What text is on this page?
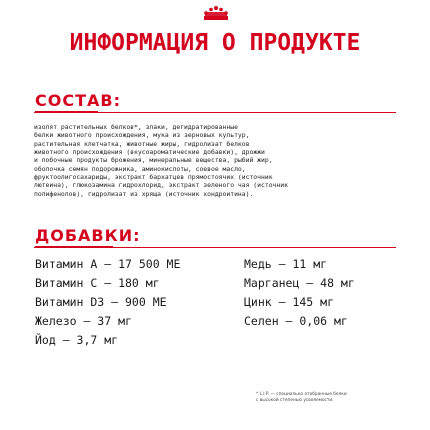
ИНФОРМАЦИЯ О ПРОДУКТЕ
СОСТАВ:
изолят растительных белков*, злаки, дегидратированные
белки животного происхождения, мука из зерновых культур,
растительная клетчатка, животные жиры, гидролизат белков
животного происхождения (вкусоароматические добавки), дрожжи
и побочные продукты брожения, минеральные вещества, рыбий жир,
оболочка семян подорожника, аминокислоты, соевое масло,
фруктоолигосахариды, экстракт бархатцев прямостоячих (источник
лютеина), глюкозамина гидрохлорид, экстракт зеленого чая (источник
полифенолов), гидролизат из хряща (источник хондроитина).
ДОБАВКИ:
Витамин А — 17 500 МЕ
Витамин С — 180 мг
Витамин D3 — 900 МЕ
Железо — 37 мг
Йод — 3,7 мг
Медь — 11 мг
Марганец — 48 мг
Цинк — 145 мг
Селен — 0,06 мг
* L.I.P. — специально отобранные белки
с высокой степенью усвояемости.
